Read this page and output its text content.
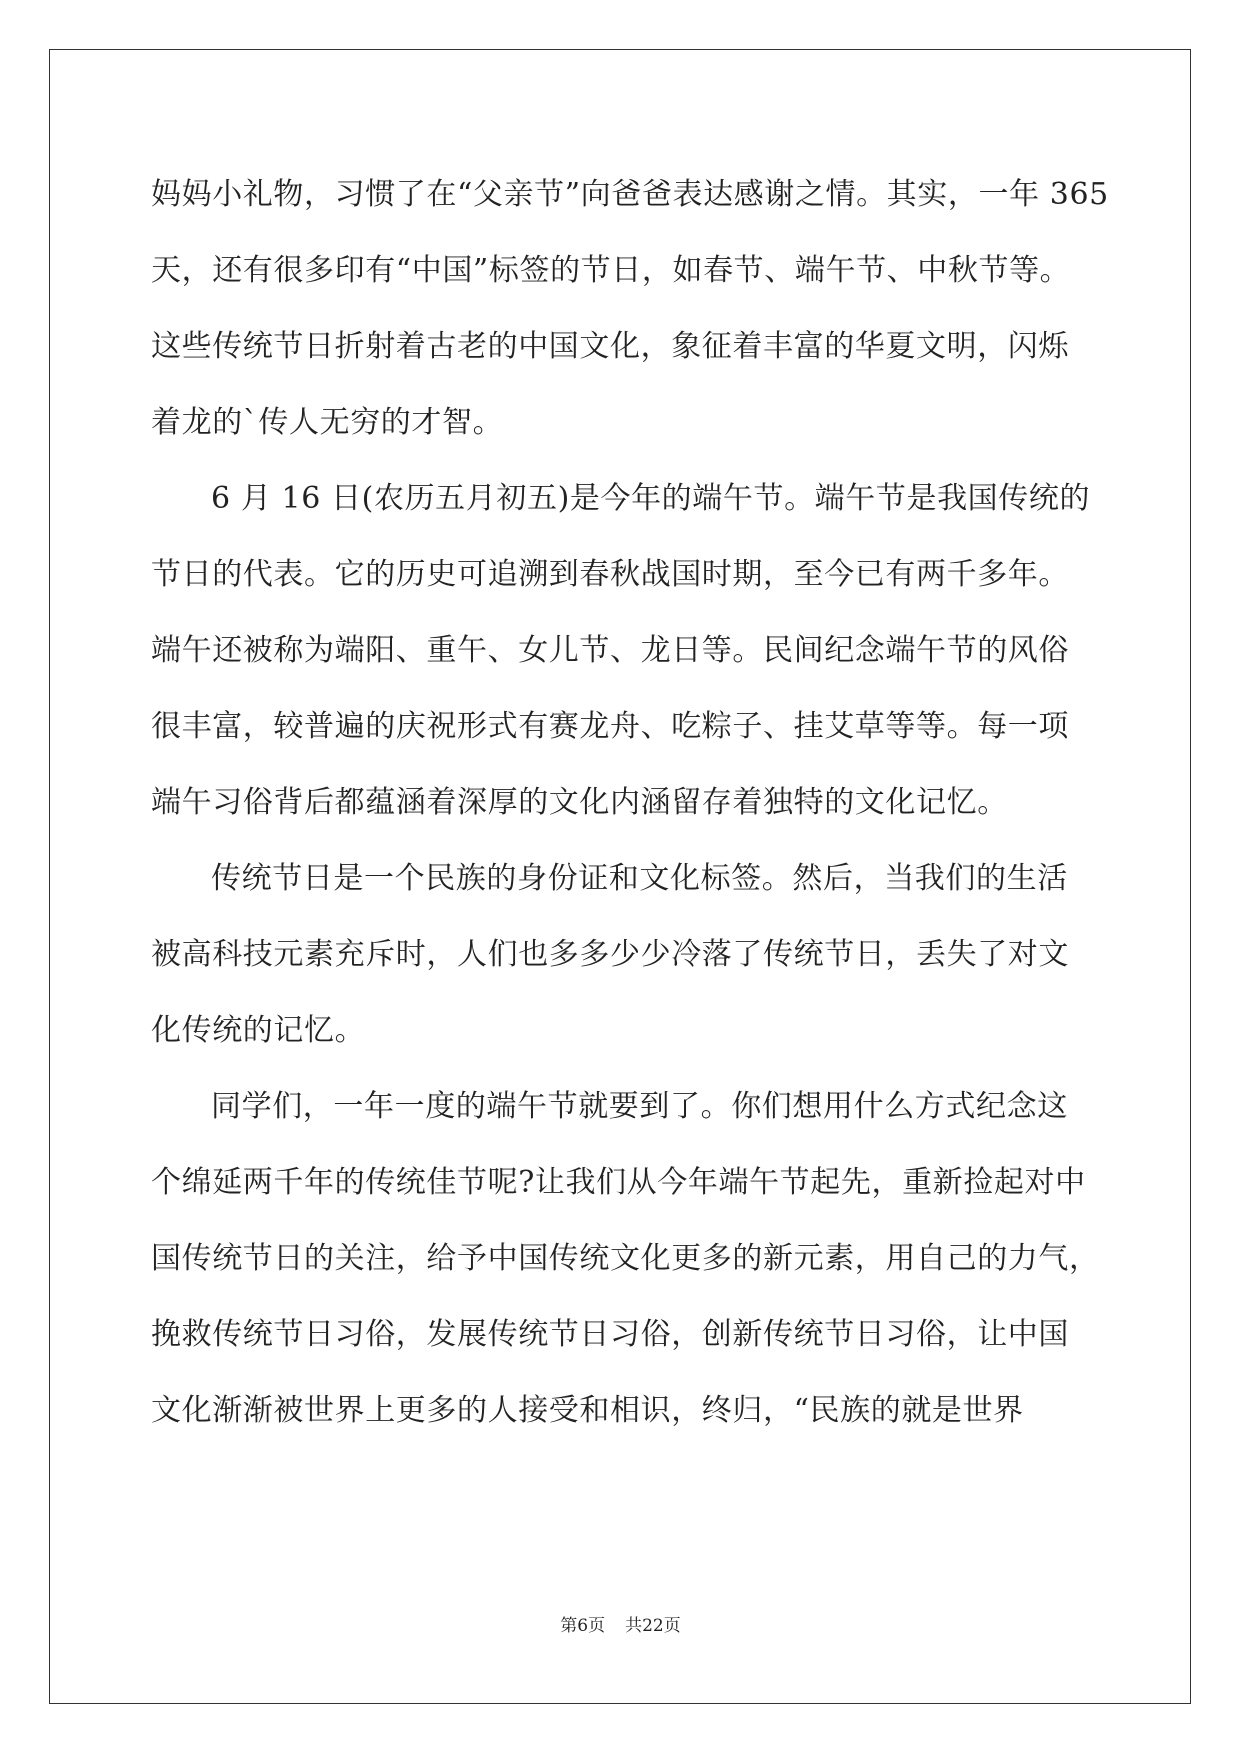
妈妈小礼物，习惯了在“父亲节”向爸爸表达感谢之情。其实，一年 365
天，还有很多印有“中国”标签的节日，如春节、端午节、中秋节等。
这些传统节日折射着古老的中国文化，象征着丰富的华夏文明，闪烁
着龙的`传人无穷的才智。
6 月 16 日(农历五月初五)是今年的端午节。端午节是我国传统的
节日的代表。它的历史可追溯到春秋战国时期，至今已有两千多年。
端午还被称为端阳、重午、女儿节、龙日等。民间纪念端午节的风俗
很丰富，较普遍的庆祝形式有赛龙舟、吃粽子、挂艾草等等。每一项
端午习俗背后都蕴涵着深厚的文化内涵留存着独特的文化记忆。
传统节日是一个民族的身份证和文化标签。然后，当我们的生活
被高科技元素充斥时，人们也多多少少冷落了传统节日，丢失了对文
化传统的记忆。
同学们，一年一度的端午节就要到了。你们想用什么方式纪念这
个绵延两千年的传统佳节呢?让我们从今年端午节起先，重新捡起对中
国传统节日的关注，给予中国传统文化更多的新元素，用自己的力气，
挽救传统节日习俗，发展传统节日习俗，创新传统节日习俗，让中国
文化渐渐被世界上更多的人接受和相识，终归，“民族的就是世界
第6页 共22页
